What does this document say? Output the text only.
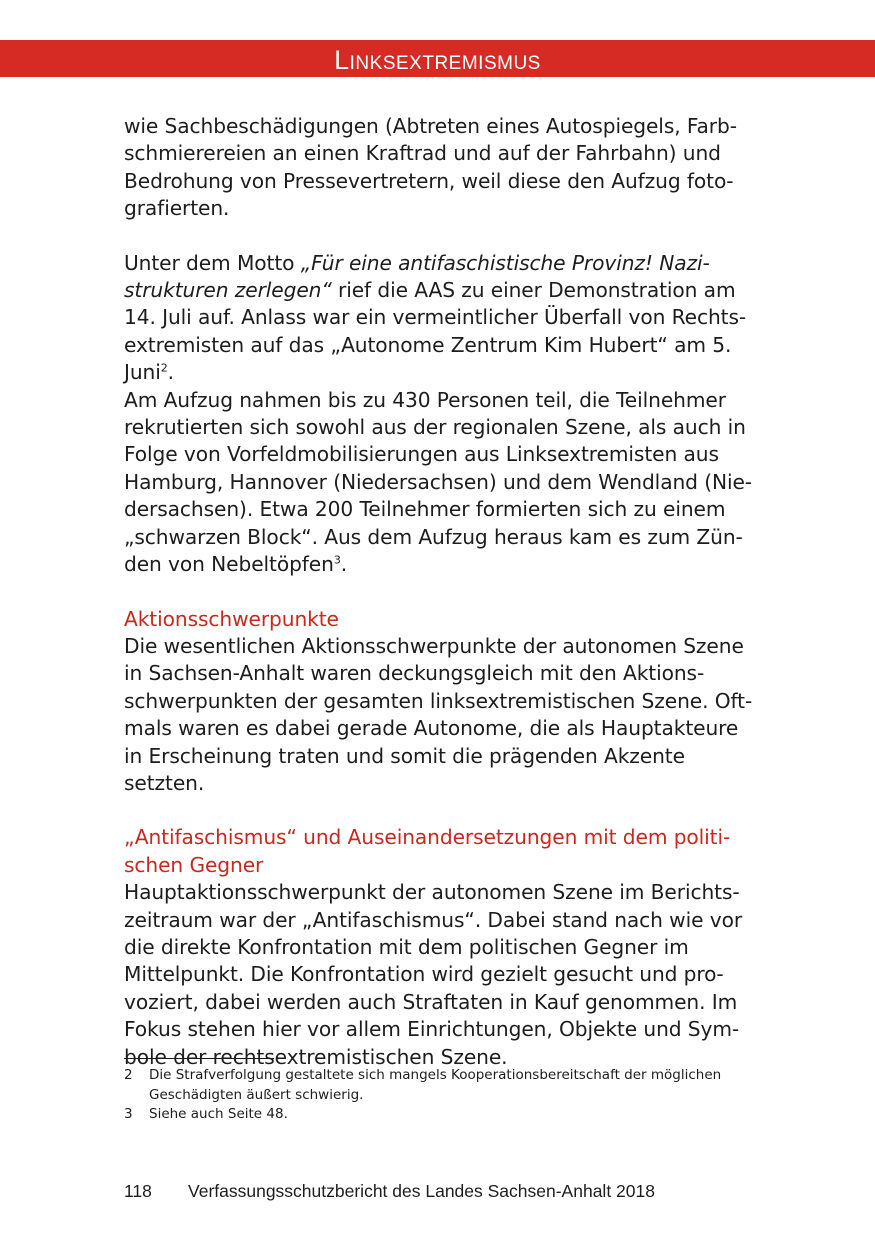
Linksextremismus

wie Sachbeschädigungen (Abtreten eines Autospiegels, Farbschmierereien an einen Kraftrad und auf der Fahrbahn) und Bedrohung von Pressevertretern, weil diese den Aufzug fotografierten.

Unter dem Motto „Für eine antifaschistische Provinz! Nazistrukturen zerlegen“ rief die AAS zu einer Demonstration am 14. Juli auf. Anlass war ein vermeintlicher Überfall von Rechtsextremisten auf das „Autonome Zentrum Kim Hubert“ am 5. Juni$^2$.

Am Aufzug nahmen bis zu 430 Personen teil, die Teilnehmer rekrutierten sich sowohl aus der regionalen Szene, als auch in Folge von Vorfeldmobilisierungen aus Linksextremisten aus Hamburg, Hannover (Niedersachsen) und dem Wendland (Niedersachsen). Etwa 200 Teilnehmer formierten sich zu einem „schwarzen Block“. Aus dem Aufzug heraus kam es zum Zünden von Nebeltöpfen$^3$.

Aktionsschwerpunkte

Die wesentlichen Aktionsschwerpunkte der autonomen Szene in Sachsen-Anhalt waren deckungsgleich mit den Aktionsschwerpunkten der gesamten linksextremistischen Szene. Oftmals waren es dabei gerade Autonome, die als Hauptakteure in Erscheinung traten und somit die prägenden Akzente setzten.

„Antifaschismus“ und Auseinandersetzungen mit dem politischen Gegner

Hauptaktionsschwerpunkt der autonomen Szene im Berichtszeitraum war der „Antifaschismus“. Dabei stand nach wie vor die direkte Konfrontation mit dem politischen Gegner im Mittelpunkt. Die Konfrontation wird gezielt gesucht und provoziert, dabei werden auch Straftaten in Kauf genommen. Im Fokus stehen hier vor allem Einrichtungen, Objekte und Symbole der rechtsextremistischen Szene.

2	Die Strafverfolgung gestaltete sich mangels Kooperationsbereitschaft der möglichen Geschädigten äußert schwierig.
3	Siehe auch Seite 48.
118 Verfassungsschutzbericht des Landes Sachsen-Anhalt 2018
